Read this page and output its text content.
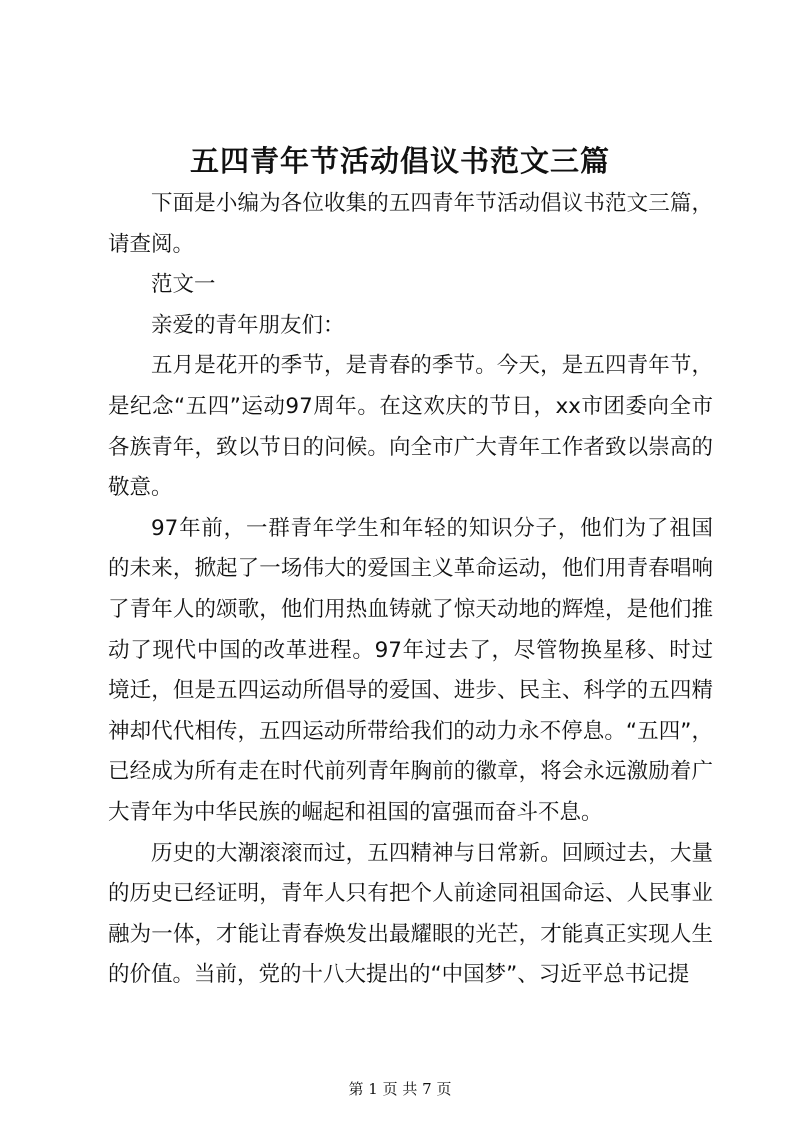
五四青年节活动倡议书范文三篇

下面是小编为各位收集的五四青年节活动倡议书范文三篇，请查阅。

范文一

亲爱的青年朋友们：

五月是花开的季节，是青春的季节。今天，是五四青年节，是纪念“五四”运动97周年。在这欢庆的节日，xx市团委向全市各族青年，致以节日的问候。向全市广大青年工作者致以崇高的敬意。

97年前，一群青年学生和年轻的知识分子，他们为了祖国的未来，掀起了一场伟大的爱国主义革命运动，他们用青春唱响了青年人的颂歌，他们用热血铸就了惊天动地的辉煌，是他们推动了现代中国的改革进程。97年过去了，尽管物换星移、时过境迁，但是五四运动所倡导的爱国、进步、民主、科学的五四精神却代代相传，五四运动所带给我们的动力永不停息。“五四”，已经成为所有走在时代前列青年胸前的徽章，将会永远激励着广大青年为中华民族的崛起和祖国的富强而奋斗不息。

历史的大潮滚滚而过，五四精神与日常新。回顾过去，大量的历史已经证明，青年人只有把个人前途同祖国命运、人民事业融为一体，才能让青春焕发出最耀眼的光芒，才能真正实现人生的价值。当前，党的十八大提出的“中国梦”、习近平总书记提

第 1 页 共 7 页
